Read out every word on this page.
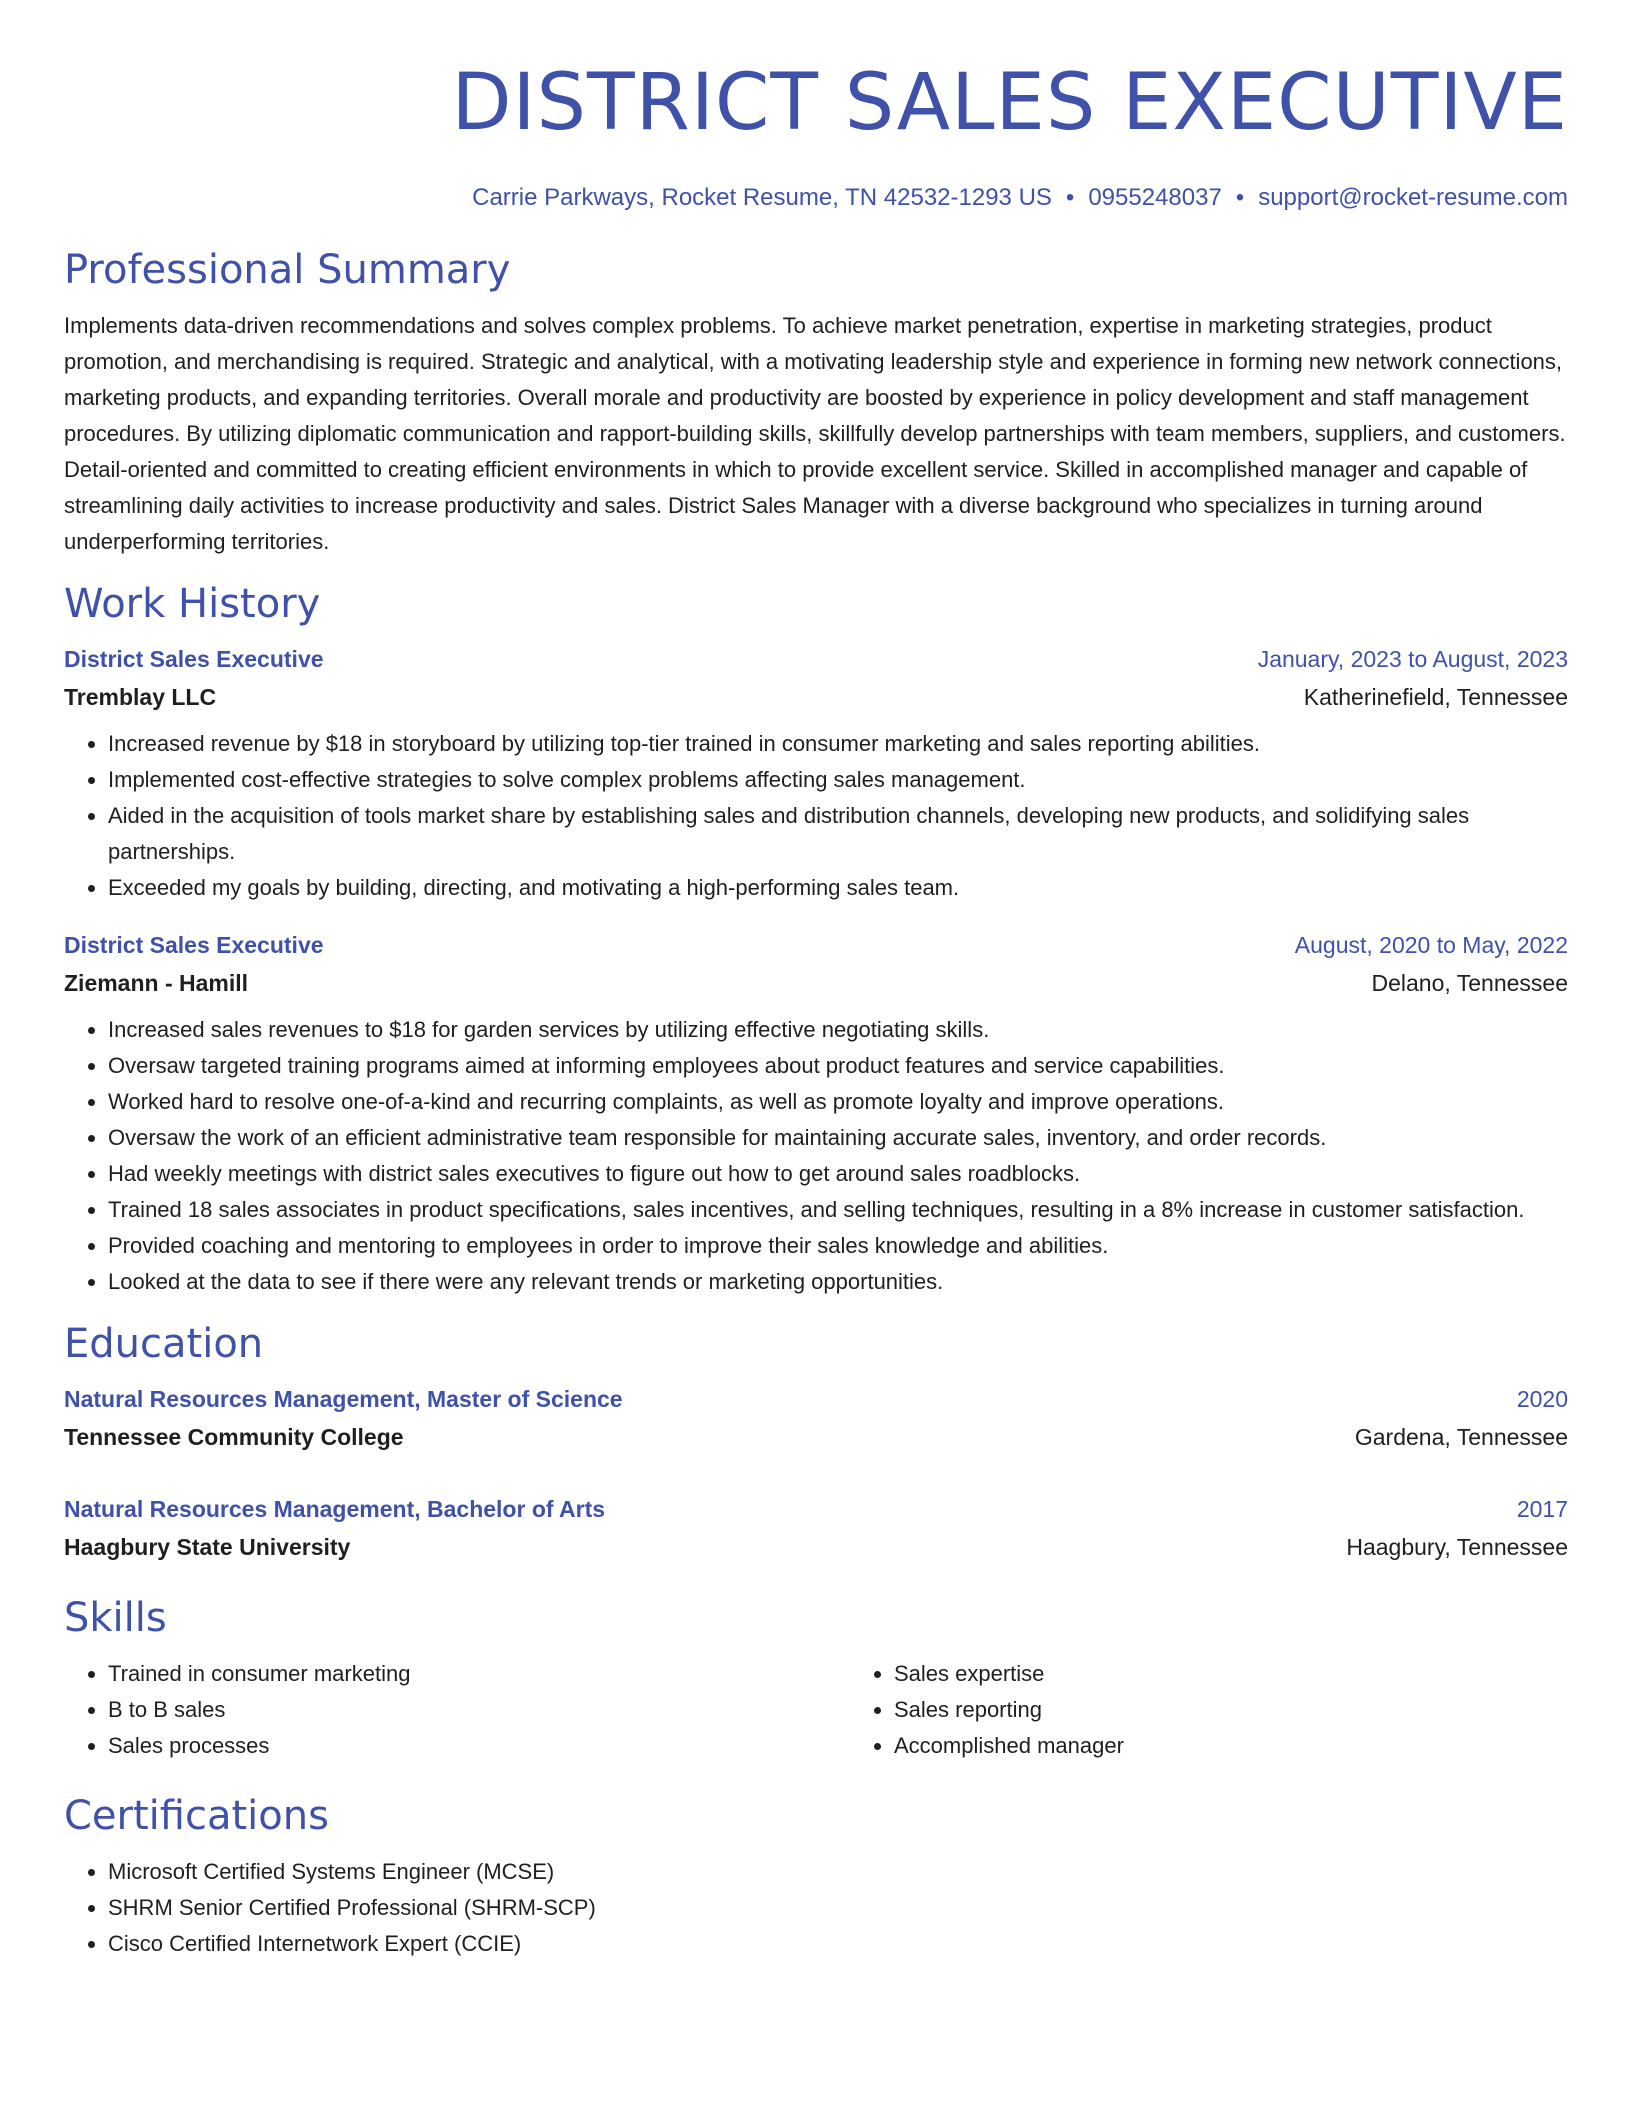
DISTRICT SALES EXECUTIVE
Carrie Parkways, Rocket Resume, TN 42532-1293 US • 0955248037 • support@rocket-resume.com
Professional Summary
Implements data-driven recommendations and solves complex problems. To achieve market penetration, expertise in marketing strategies, product promotion, and merchandising is required. Strategic and analytical, with a motivating leadership style and experience in forming new network connections, marketing products, and expanding territories. Overall morale and productivity are boosted by experience in policy development and staff management procedures. By utilizing diplomatic communication and rapport-building skills, skillfully develop partnerships with team members, suppliers, and customers. Detail-oriented and committed to creating efficient environments in which to provide excellent service. Skilled in accomplished manager and capable of streamlining daily activities to increase productivity and sales. District Sales Manager with a diverse background who specializes in turning around underperforming territories.
Work History
District Sales Executive	January, 2023 to August, 2023
Tremblay LLC	Katherinefield, Tennessee
• Increased revenue by $18 in storyboard by utilizing top-tier trained in consumer marketing and sales reporting abilities.
• Implemented cost-effective strategies to solve complex problems affecting sales management.
• Aided in the acquisition of tools market share by establishing sales and distribution channels, developing new products, and solidifying sales partnerships.
• Exceeded my goals by building, directing, and motivating a high-performing sales team.
District Sales Executive	August, 2020 to May, 2022
Ziemann - Hamill	Delano, Tennessee
• Increased sales revenues to $18 for garden services by utilizing effective negotiating skills.
• Oversaw targeted training programs aimed at informing employees about product features and service capabilities.
• Worked hard to resolve one-of-a-kind and recurring complaints, as well as promote loyalty and improve operations.
• Oversaw the work of an efficient administrative team responsible for maintaining accurate sales, inventory, and order records.
• Had weekly meetings with district sales executives to figure out how to get around sales roadblocks.
• Trained 18 sales associates in product specifications, sales incentives, and selling techniques, resulting in a 8% increase in customer satisfaction.
• Provided coaching and mentoring to employees in order to improve their sales knowledge and abilities.
• Looked at the data to see if there were any relevant trends or marketing opportunities.
Education
Natural Resources Management, Master of Science	2020
Tennessee Community College	Gardena, Tennessee
Natural Resources Management, Bachelor of Arts	2017
Haagbury State University	Haagbury, Tennessee
Skills
• Trained in consumer marketing
• B to B sales
• Sales processes
• Sales expertise
• Sales reporting
• Accomplished manager
Certifications
• Microsoft Certified Systems Engineer (MCSE)
• SHRM Senior Certified Professional (SHRM-SCP)
• Cisco Certified Internetwork Expert (CCIE)
